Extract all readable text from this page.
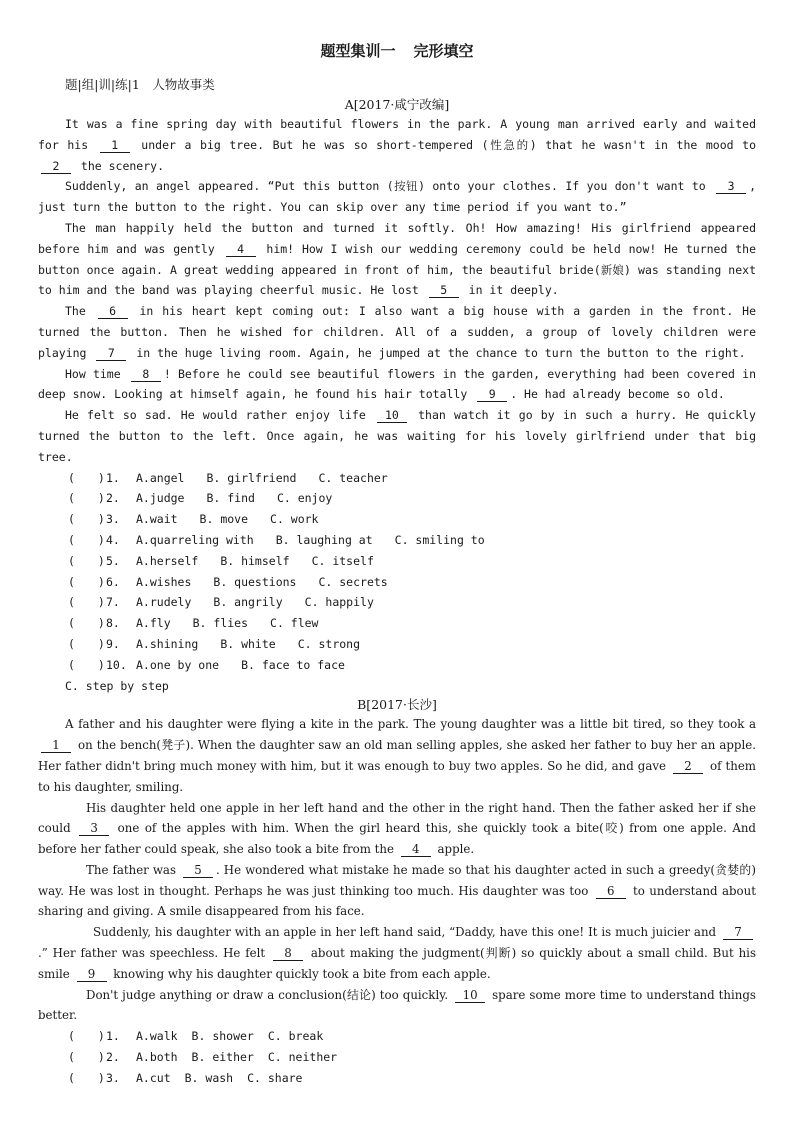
题型集训一 完形填空
题|组|训|练|1　人物故事类
A[2017·咸宁改编]
It was a fine spring day with beautiful flowers in the park. A young man arrived early and waited for his 1 under a big tree. But he was so short-tempered (性急的) that he wasn't in the mood to 2 the scenery.
Suddenly, an angel appeared. “Put this button (按钮) onto your clothes. If you don't want to 3 , just turn the button to the right. You can skip over any time period if you want to.”
The man happily held the button and turned it softly. Oh! How amazing! His girlfriend appeared before him and was gently 4 him! How I wish our wedding ceremony could be held now! He turned the button once again. A great wedding appeared in front of him, the beautiful bride(新娘) was standing next to him and the band was playing cheerful music. He lost 5 in it deeply.
The 6 in his heart kept coming out: I also want a big house with a garden in the front. He turned the button. Then he wished for children. All of a sudden, a group of lovely children were playing 7 in the huge living room. Again, he jumped at the chance to turn the button to the right.
How time 8 ! Before he could see beautiful flowers in the garden, everything had been covered in deep snow. Looking at himself again, he found his hair totally 9 . He had already become so old.
He felt so sad. He would rather enjoy life 10 than watch it go by in such a hurry. He quickly turned the button to the left. Once again, he was waiting for his lovely girlfriend under that big tree.
(　　) 1.	A.angel	B. girlfriend	C. teacher
(　　) 2.	A.judge	B. find	C. enjoy
(　　) 3.	A.wait	B. move	C. work
(　　) 4.	A.quarreling with	B. laughing at	C. smiling to
(　　) 5.	A.herself	B. himself	C. itself
(　　) 6.	A.wishes	B. questions	C. secrets
(　　) 7.	A.rudely	B. angrily	C. happily
(　　) 8.	A.fly	B. flies	C. flew
(　　) 9.	A.shining	B. white	C. strong
(　　) 10. A.one by one	B. face to face
C. step by step
B[2017·长沙]
A father and his daughter were flying a kite in the park. The young daughter was a little bit tired, so they took a 1 on the bench(凳子). When the daughter saw an old man selling apples, she asked her father to buy her an apple. Her father didn't bring much money with him, but it was enough to buy two apples. So he did, and gave 2 of them to his daughter, smiling.
His daughter held one apple in her left hand and the other in the right hand. Then the father asked her if she could 3 one of the apples with him. When the girl heard this, she quickly took a bite(咬) from one apple. And before her father could speak, she also took a bite from the 4 apple.
The father was 5 . He wondered what mistake he made so that his daughter acted in such a greedy(贪婪的) way. He was lost in thought. Perhaps he was just thinking too much. His daughter was too 6 to understand about sharing and giving. A smile disappeared from his face.
Suddenly, his daughter with an apple in her left hand said, “Daddy, have this one! It is much juicier and 7.” Her father was speechless. He felt 8 about making the judgment(判断) so quickly about a small child. But his smile 9 knowing why his daughter quickly took a bite from each apple.
Don't judge anything or draw a conclusion(结论) too quickly. 10 spare some more time to understand things better.
(　　) 1.	A.walk	B. shower	C. break
(　　) 2.	A.both	B. either	C. neither
(　　) 3.	A.cut	B. wash	C. share
